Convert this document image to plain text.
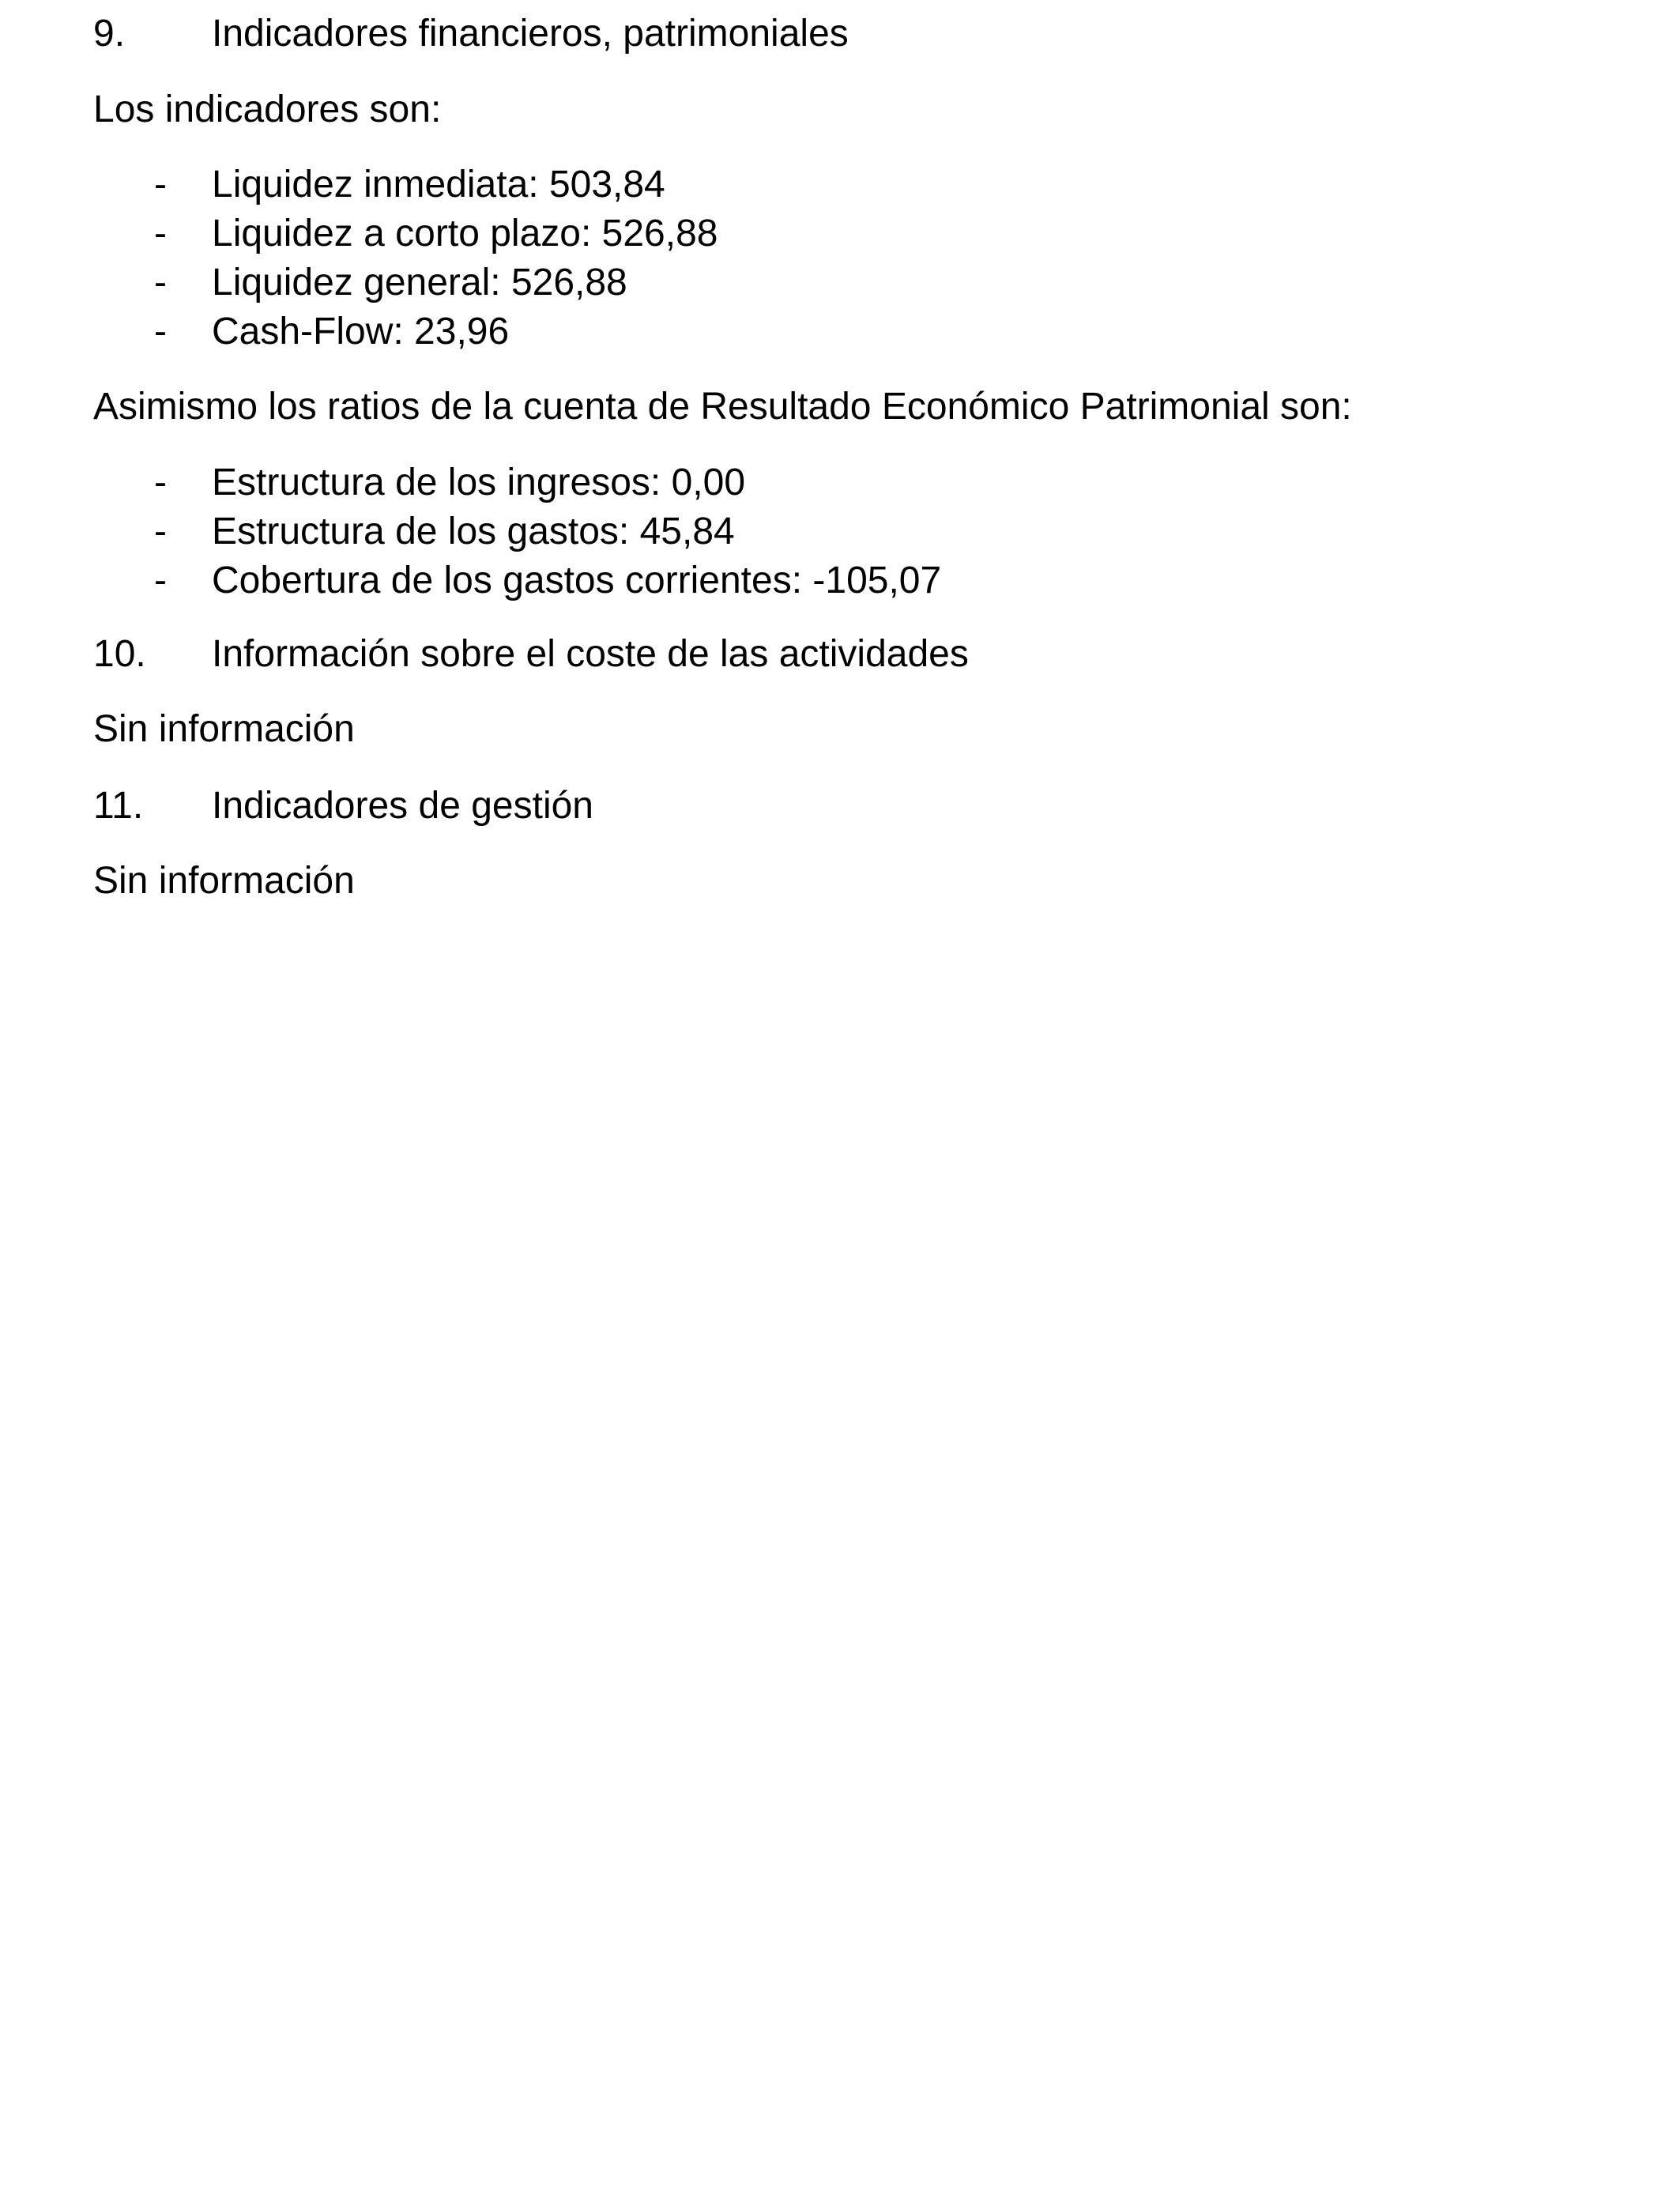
9. Indicadores financieros, patrimoniales
Los indicadores son:
- Liquidez inmediata: 503,84
- Liquidez a corto plazo: 526,88
- Liquidez general: 526,88
- Cash-Flow: 23,96
Asimismo los ratios de la cuenta de Resultado Económico Patrimonial son:
- Estructura de los ingresos: 0,00
- Estructura de los gastos: 45,84
- Cobertura de los gastos corrientes: -105,07
10. Información sobre el coste de las actividades
Sin información
11. Indicadores de gestión
Sin información
